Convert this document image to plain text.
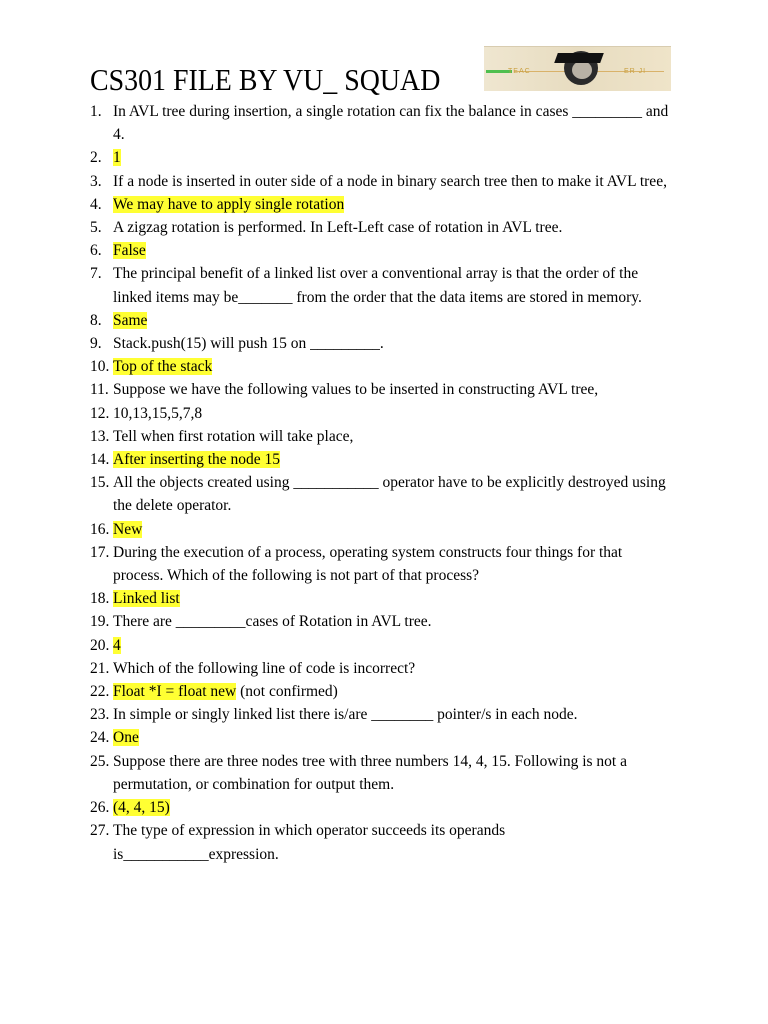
CS301 FILE BY VU_ SQUAD	TEAC	ER JI
1. In AVL tree during insertion, a single rotation can fix the balance in cases _________ and 4.
2. 1
3. If a node is inserted in outer side of a node in binary search tree then to make it AVL tree,
4. We may have to apply single rotation
5. A zigzag rotation is performed. In Left-Left case of rotation in AVL tree.
6. False
7. The principal benefit of a linked list over a conventional array is that the order of the linked items may be_______ from the order that the data items are stored in memory.
8. Same
9. Stack.push(15) will push 15 on _________.
10. Top of the stack
11. Suppose we have the following values to be inserted in constructing AVL tree,
12. 10,13,15,5,7,8
13. Tell when first rotation will take place,
14. After inserting the node 15
15. All the objects created using ___________ operator have to be explicitly destroyed using the delete operator.
16. New
17. During the execution of a process, operating system constructs four things for that process. Which of the following is not part of that process?
18. Linked list
19. There are _________cases of Rotation in AVL tree.
20. 4
21. Which of the following line of code is incorrect?
22. Float *I = float new (not confirmed)
23. In simple or singly linked list there is/are ________ pointer/s in each node.
24. One
25. Suppose there are three nodes tree with three numbers 14, 4, 15. Following is not a permutation, or combination for output them.
26. (4, 4, 15)
27. The type of expression in which operator succeeds its operands is___________expression.
